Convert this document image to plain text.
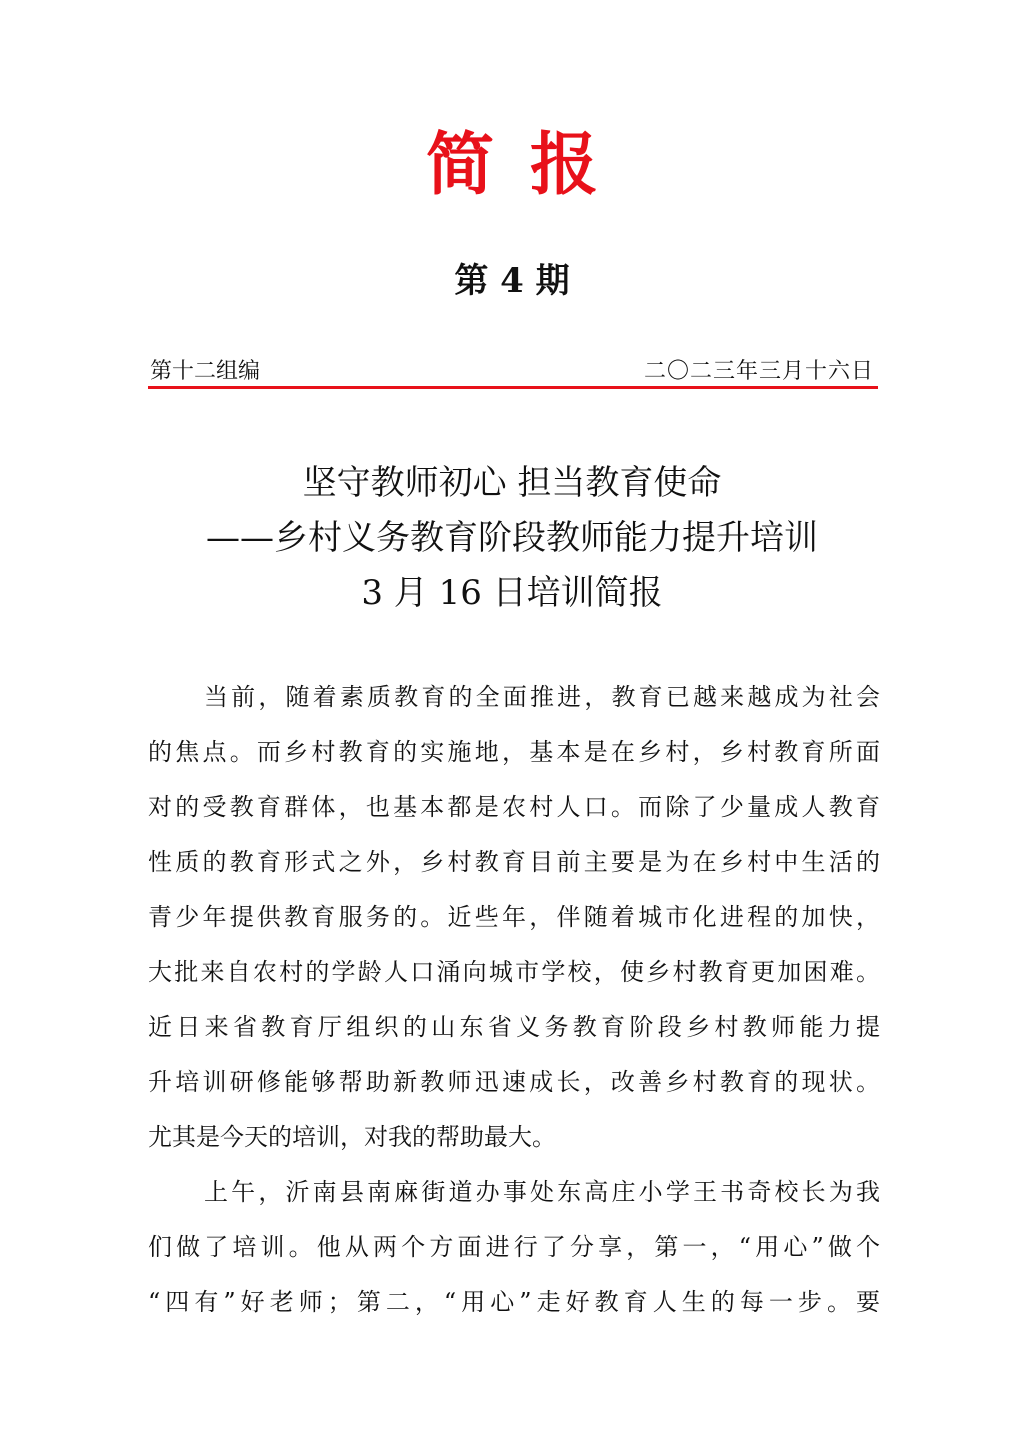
简报
第 4 期
第十二组编	二〇二三年三月十六日
坚守教师初心 担当教育使命
——乡村义务教育阶段教师能力提升培训
3 月 16 日培训简报
当前，随着素质教育的全面推进，教育已越来越成为社会
的焦点。而乡村教育的实施地，基本是在乡村，乡村教育所面
对的受教育群体，也基本都是农村人口。而除了少量成人教育
性质的教育形式之外，乡村教育目前主要是为在乡村中生活的
青少年提供教育服务的。近些年，伴随着城市化进程的加快，
大批来自农村的学龄人口涌向城市学校，使乡村教育更加困难。
近日来省教育厅组织的山东省义务教育阶段乡村教师能力提
升培训研修能够帮助新教师迅速成长，改善乡村教育的现状。
尤其是今天的培训，对我的帮助最大。
上午，沂南县南麻街道办事处东高庄小学王书奇校长为我
们做了培训。他从两个方面进行了分享，第一，“用心”做个
“四有”好老师；第二，“用心”走好教育人生的每一步。要
